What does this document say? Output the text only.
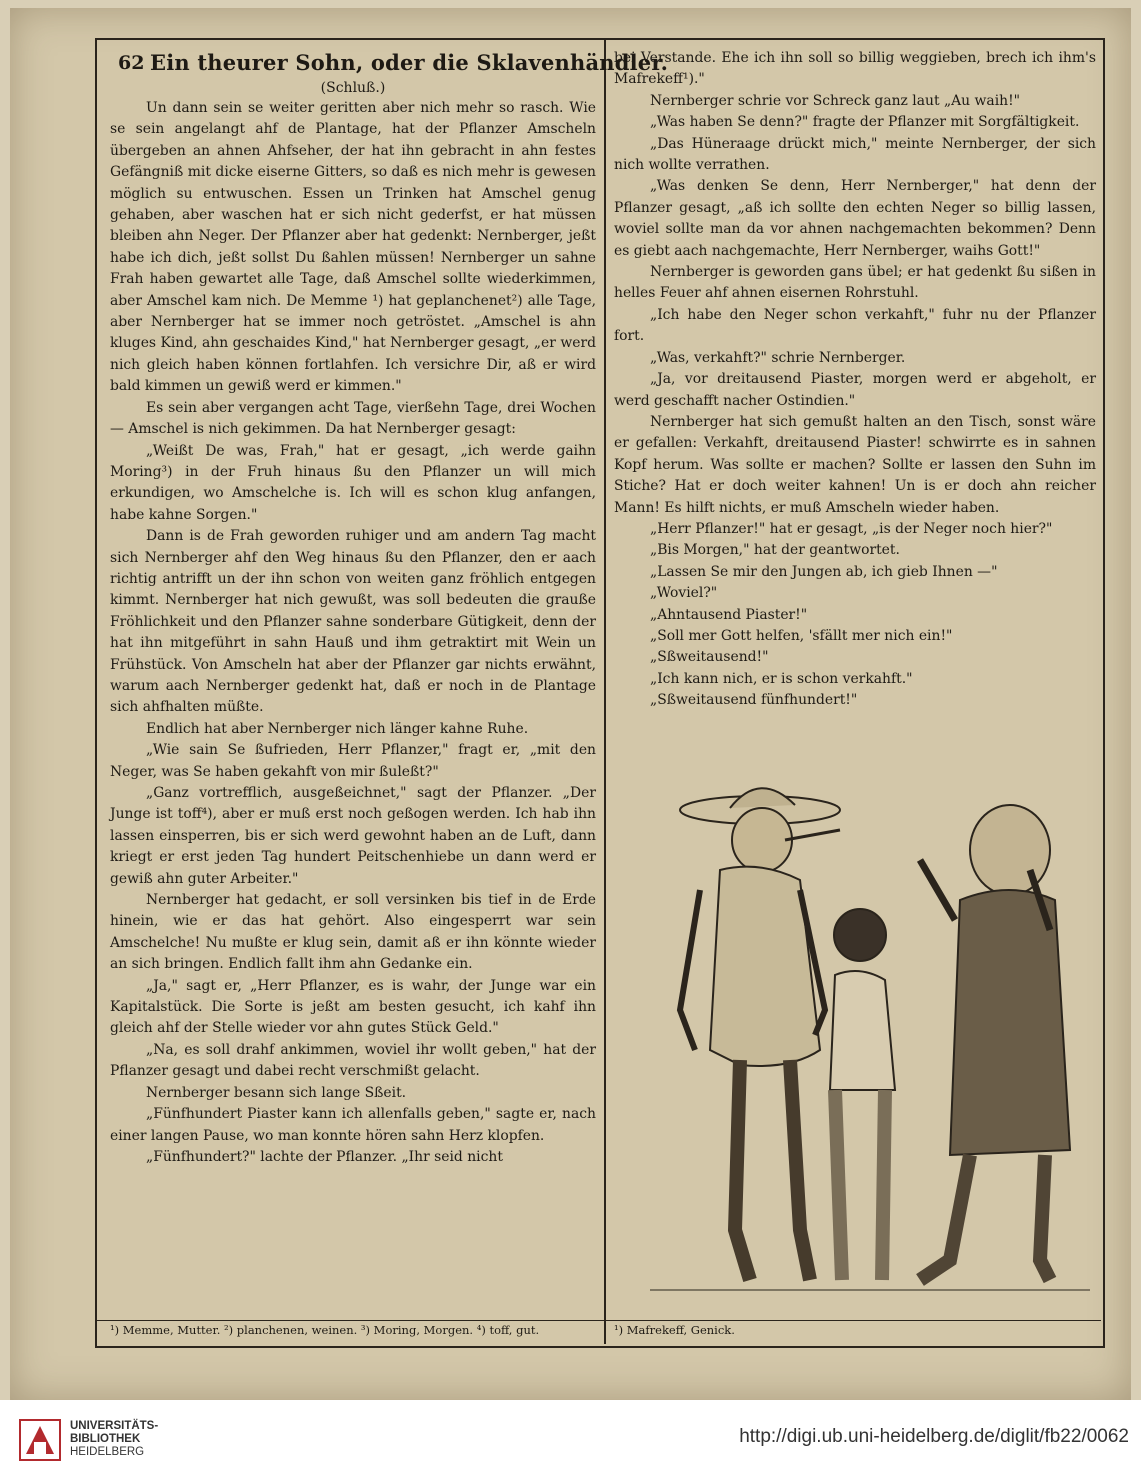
62 Ein theurer Sohn, oder die Sklavenhändler.
(Schluß.)

Un dann sein se weiter geritten aber nich mehr so rasch. Wie se sein angelangt ahf de Plantage, hat der Pflanzer Amscheln übergeben an ahnen Ahfseher, der hat ihn gebracht in ahn festes Gefängniß mit dicke eiserne Gitters, so daß es nich mehr is gewesen möglich su entwuschen. Essen un Trinken hat Amschel genug gehaben, aber waschen hat er sich nicht gederfst, er hat müssen bleiben ahn Neger. Der Pflanzer aber hat gedenkt: Nernberger, jeßt habe ich dich, jeßt sollst Du ßahlen müssen! Nernberger un sahne Frah haben gewartet alle Tage, daß Amschel sollte wiederkimmen, aber Amschel kam nich. De Memme ¹) hat geplanchenet²) alle Tage, aber Nernberger hat se immer noch getröstet. „Amschel is ahn kluges Kind, ahn geschaides Kind," hat Nernberger gesagt, „er werd nich gleich haben können fortlahfen. Ich versichre Dir, aß er wird bald kimmen un gewiß werd er kimmen."

Es sein aber vergangen acht Tage, vierßehn Tage, drei Wochen — Amschel is nich gekimmen. Da hat Nernberger gesagt:

„Weißt De was, Frah," hat er gesagt, „ich werde gaihn Moring³) in der Fruh hinaus ßu den Pflanzer un will mich erkundigen, wo Amschelche is. Ich will es schon klug anfangen, habe kahne Sorgen."

Dann is de Frah geworden ruhiger und am andern Tag macht sich Nernberger ahf den Weg hinaus ßu den Pflanzer, den er aach richtig antrifft un der ihn schon von weiten ganz fröhlich entgegen kimmt. Nernberger hat nich gewußt, was soll bedeuten die graußе Fröhlichkeit und den Pflanzer sahne sonderbare Gütigkeit, denn der hat ihn mitgeführt in sahn Hauß und ihm getraktirt mit Wein un Frühstück. Von Amscheln hat aber der Pflanzer gar nichts erwähnt, warum aach Nernberger gedenkt hat, daß er noch in de Plantage sich ahfhalten müßte.

Endlich hat aber Nernberger nich länger kahne Ruhe.

„Wie sain Se ßufrieden, Herr Pflanzer," fragt er, „mit den Neger, was Se haben gekahft von mir ßuleßt?"

„Ganz vortrefflich, ausgeßeichnet," sagt der Pflanzer. „Der Junge ist toff⁴), aber er muß erst noch geßogen werden. Ich hab ihn lassen einsperren, bis er sich werd gewohnt haben an de Luft, dann kriegt er erst jeden Tag hundert Peitschenhiebe un dann werd er gewiß ahn guter Arbeiter."

Nernberger hat gedacht, er soll versinken bis tief in de Erde hinein, wie er das hat gehört. Also eingesperrt war sein Amschelche! Nu mußte er klug sein, damit aß er ihn könnte wieder an sich bringen. Endlich fallt ihm ahn Gedanke ein.

„Ja," sagt er, „Herr Pflanzer, es is wahr, der Junge war ein Kapitalstück. Die Sorte is jeßt am besten gesucht, ich kahf ihn gleich ahf der Stelle wieder vor ahn gutes Stück Geld."

„Na, es soll drahf ankimmen, woviel ihr wollt geben," hat der Pflanzer gesagt und dabei recht verschmißt gelacht.

Nernberger besann sich lange Sßeit.

„Fünfhundert Piaster kann ich allenfalls geben," sagte er, nach einer langen Pause, wo man konnte hören sahn Herz klopfen.

„Fünfhundert?" lachte der Pflanzer. „Ihr seid nicht

bei Verstande. Ehe ich ihn soll so billig weggieben, brech ich ihm's Mafrekeff¹)."

Nernberger schrie vor Schreck ganz laut „Au waih!"

„Was haben Se denn?" fragte der Pflanzer mit Sorgfältigkeit.

„Das Hüneraage drückt mich," meinte Nernberger, der sich nich wollte verrathen.

„Was denken Se denn, Herr Nernberger," hat denn der Pflanzer gesagt, „aß ich sollte den echten Neger so billig lassen, woviel sollte man da vor ahnen nachgemachten bekommen? Denn es giebt aach nachgemachte, Herr Nernberger, waihs Gott!"

Nernberger is geworden gans übel; er hat gedenkt ßu sißen in helles Feuer ahf ahnen eisernen Rohrstuhl.

„Ich habe den Neger schon verkahft," fuhr nu der Pflanzer fort.

„Was, verkahft?" schrie Nernberger.

„Ja, vor dreitausend Piaster, morgen werd er abgeholt, er werd geschafft nacher Ostindien."

Nernberger hat sich gemußt halten an den Tisch, sonst wäre er gefallen: Verkahft, dreitausend Piaster! schwirrte es in sahnen Kopf herum. Was sollte er machen? Sollte er lassen den Suhn im Stiche? Hat er doch weiter kahnen! Un is er doch ahn reicher Mann! Es hilft nichts, er muß Amscheln wieder haben.

„Herr Pflanzer!" hat er gesagt, „is der Neger noch hier?"

„Bis Morgen," hat der geantwortet.

„Lassen Se mir den Jungen ab, ich gieb Ihnen —"

„Woviel?"

„Ahntausend Piaster!"

„Soll mer Gott helfen, 'sfällt mer nich ein!"

„Sßweitausend!"

„Ich kann nich, er is schon verkahft."

„Sßweitausend fünfhundert!"

¹) Memme, Mutter. ²) planchenen, weinen. ³) Moring, Morgen. ⁴) toff, gut.	¹) Mafrekeff, Genick.
UNIVERSITÄTS-
BIBLIOTHEK
HEIDELBERG
http://digi.ub.uni-heidelberg.de/diglit/fb22/0062
